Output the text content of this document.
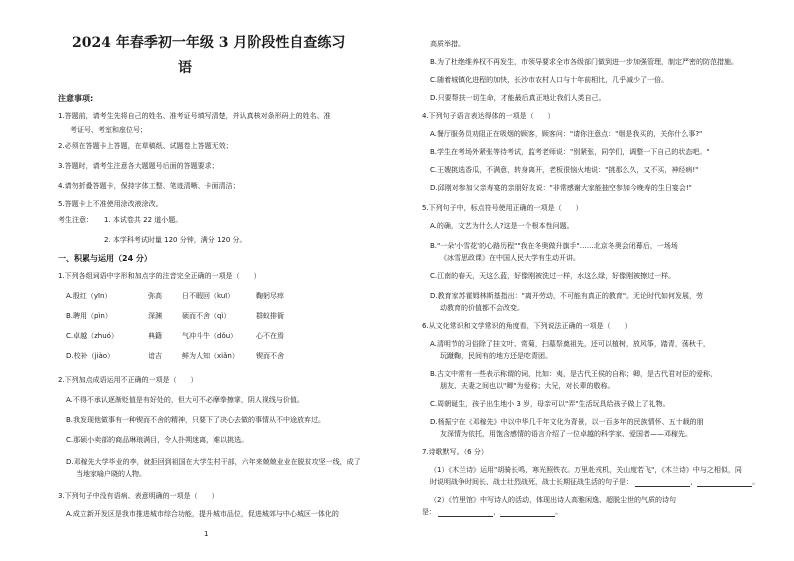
2024 年春季初一年级 3 月阶段性自查练习
语
注意事项:
1.答题前，请考生先将自己的姓名、准考证号填写清楚，并认真核对条形码上的姓名、准
考证号、考室和座位号；
2.必须在答题卡上答题，在草稿纸、试题卷上答题无效；
3.答题时，请考生注意各大题题号后面的答题要求；
4.请勿折叠答题卡，保持字体工整、笔迹清晰、卡面清洁；
5.答题卡上不准使用涂改液涂改。
考生注意： 1. 本试卷共 22 道小题。
2. 本学科考试时量 120 分钟，满分 120 分。
一、积累与运用（24 分）
1.下列各组词语中字形和加点字的注音完全正确的一项是（　　）
A.殷红（yīn）	弥高	日不暇回（kuī）	鞠躬尽瘁
B.聘用（pìn）	深渊	硕而不舍（qì）	群蚁排衙
C.卓越（zhuó）	典籍	气冲斗牛（dǒu）	心不在焉
D.校补（jiào）	谙吉	鲜为人知（xiǎn） 锲而不舍
2.下列加点成语运用不正确的一项是（　　）
A.不得不承认逐渐贬值是有好处的，但大可不必摩拳擦掌，阴人视线与价值。
B.我发现他做事有一种锲而不舍的精神，只要下了决心去做的事情从不中途放弃过。
C.那硕小卖部的商品琳琅满目，令人扑朔迷离，难以挑选。
D.邓稼先大学毕业的李，就拒回到祖国在大学生村干部，六年来兢兢业业在脱贫攻坚一线，成了
当地家喻户晓的人物。
3.下列句子中没有语病、表意明确的一项是（　　）
A.成立新开发区是我市推进城市综合功能，提升城市品位，促进城郊与中心城区一体化的
1
高质举措。
B.为了杜绝维养权不再发生，市领导要求全市各级部门做到进一步加强管理，制定严密的防范措施。
C.随着城镇化进程的加快，长沙市农村人口与十年前相比，几乎减少了一倍。
D.只要帮扶一切生命，才能最后真正地让我们人类自己。
4.下列句子语言表达得体的一项是（　　）
A.餐厅服务员劝阻正在吸烟的顾客，顾客问："请你注意点："烟是我买的，关你什么事?"
B.学生在考场外紧张等待考试，监考老师说："别紧张，同学们，调整一下自己的状态吧。"
C.王嫂挑选香瓜，不满意，转身离开，老板很恼火地说："挑那么久，又不买，神经病!"
D.邱刚对参加父亲寿宴的亲朋好友说："非常感谢大家能抽空参加今晚寿的生日宴会!"
5.下列句子中，标点符号使用正确的一项是（　　）
A.的确，文艺为什么人?这是一个根本性问题。
B."一朵'小雪花'的心路历程""我在冬奥做升旗手"……北京冬奥会闭幕后，一场场
《冰雪思政课》在中国人民大学有生动开讲。
C.江南的春天，天这么蓝，好像刚被洗过一样，水这么绿，好像刚被擦过一样。
D.教育家苏霍姆林斯基指出："离开劳动，不可能有真正的教育"。无论时代如何发展，劳
动教育的价值都不会改变。
6.从文化常识和文学常识的角度看，下列说法正确的一项是（　　）
A.清明节的习俗除了挂文叶、赏菊，扫墓祭奠祖先，还可以植树，放风筝，踏青，荡秋千，
玩蹴鞠，民间有的地方还是吃青团。
B.古文中常有一些表示称谓的词，比如：夷，是古代王侯的自称；卿，是古代君对臣的爱称，
朋友、夫妻之间也以"卿"为爱称；大兄，对长辈的敬称。
C.周朝诞生，孩子出生地小 3 岁，母亲可以"弄"生活玩具给孩子做上了礼物。
D.杨振宁在《邓稼先》中以中华几千年文化为背景，以一百多年的民族情怀、五十载的朋
友深情为依托，用饱含感情的语言介绍了一位卓越的科学家、爱国者——邓稼先。
7.诗歌默写。（6 分）
（1）《木兰诗》运用"胡骑长鸣，寒光照铁衣。万里赴戎机，关山度若飞"，《木兰诗》中与之相似，同
时说明战争时间长、战士壮烈战死，战士长期征战生活的句子是：	，	。
（2）《竹里馆》中写诗人的活动，体现出诗人高雅闲逸、超脱尘世的气质的诗句
是：	，	。
